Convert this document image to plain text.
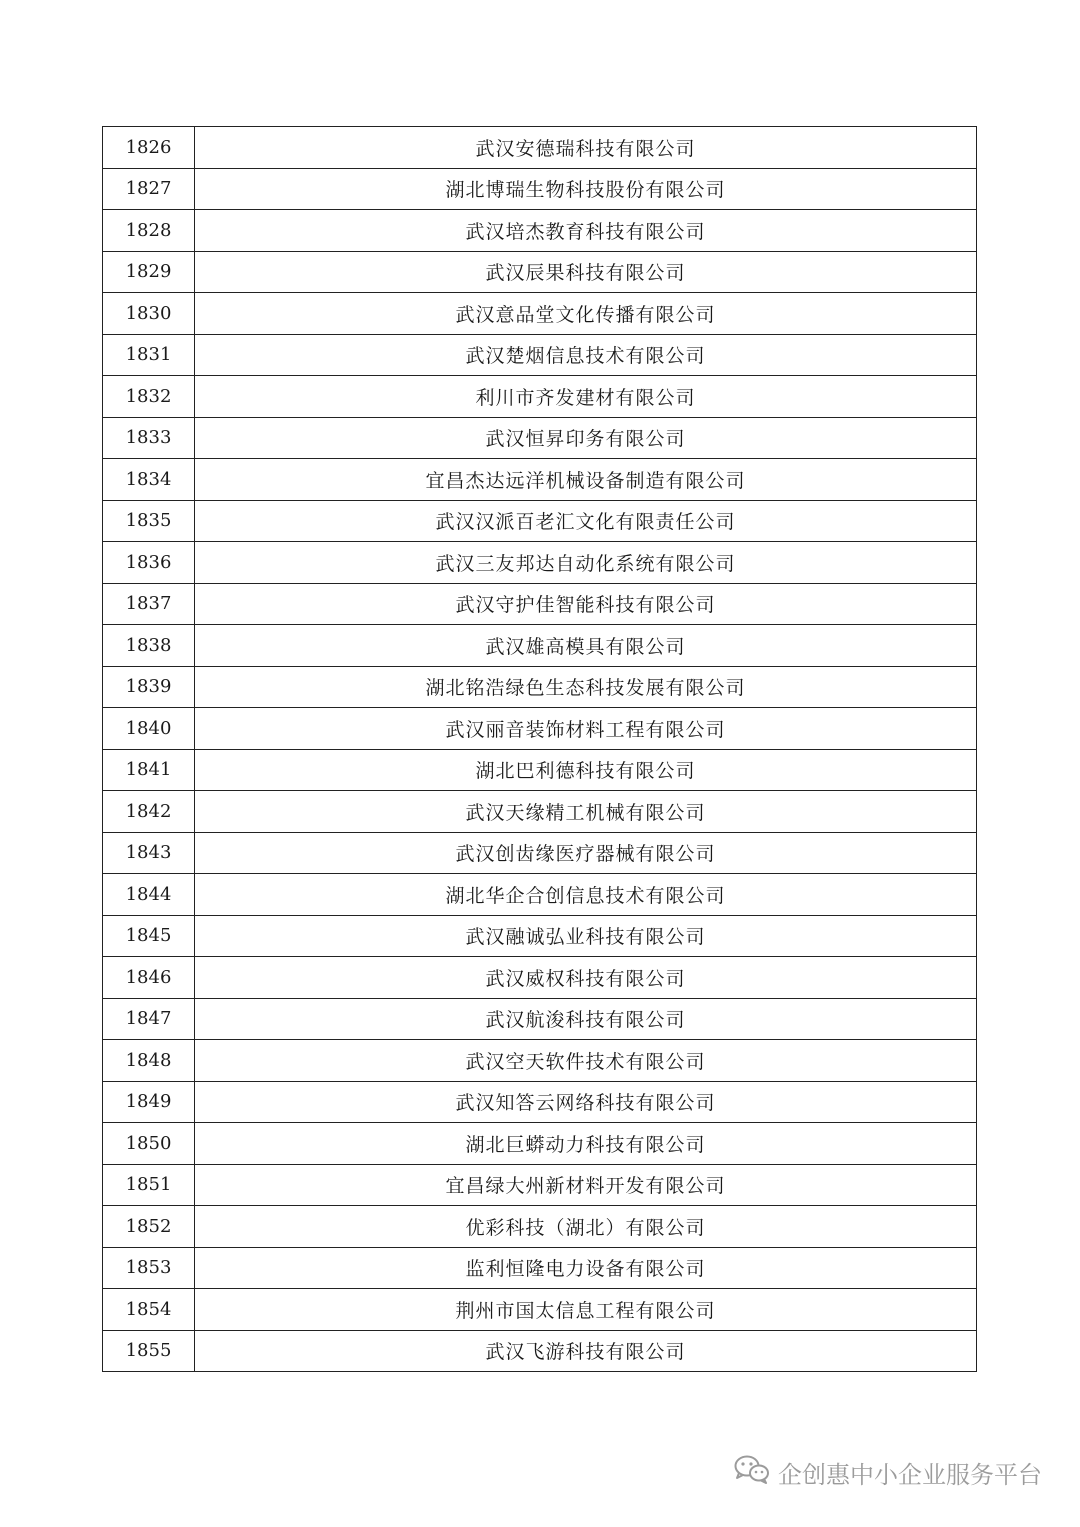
1826	武汉安德瑞科技有限公司
1827	湖北博瑞生物科技股份有限公司
1828	武汉培杰教育科技有限公司
1829	武汉辰果科技有限公司
1830	武汉意品堂文化传播有限公司
1831	武汉楚烟信息技术有限公司
1832	利川市齐发建材有限公司
1833	武汉恒昇印务有限公司
1834	宜昌杰达远洋机械设备制造有限公司
1835	武汉汉派百老汇文化有限责任公司
1836	武汉三友邦达自动化系统有限公司
1837	武汉守护佳智能科技有限公司
1838	武汉雄高模具有限公司
1839	湖北铭浩绿色生态科技发展有限公司
1840	武汉丽音装饰材料工程有限公司
1841	湖北巴利德科技有限公司
1842	武汉天缘精工机械有限公司
1843	武汉创齿缘医疗器械有限公司
1844	湖北华企合创信息技术有限公司
1845	武汉融诚弘业科技有限公司
1846	武汉威权科技有限公司
1847	武汉航浚科技有限公司
1848	武汉空天软件技术有限公司
1849	武汉知答云网络科技有限公司
1850	湖北巨蟒动力科技有限公司
1851	宜昌绿大州新材料开发有限公司
1852	优彩科技（湖北）有限公司
1853	监利恒隆电力设备有限公司
1854	荆州市国太信息工程有限公司
1855	武汉飞游科技有限公司
企创惠中小企业服务平台
